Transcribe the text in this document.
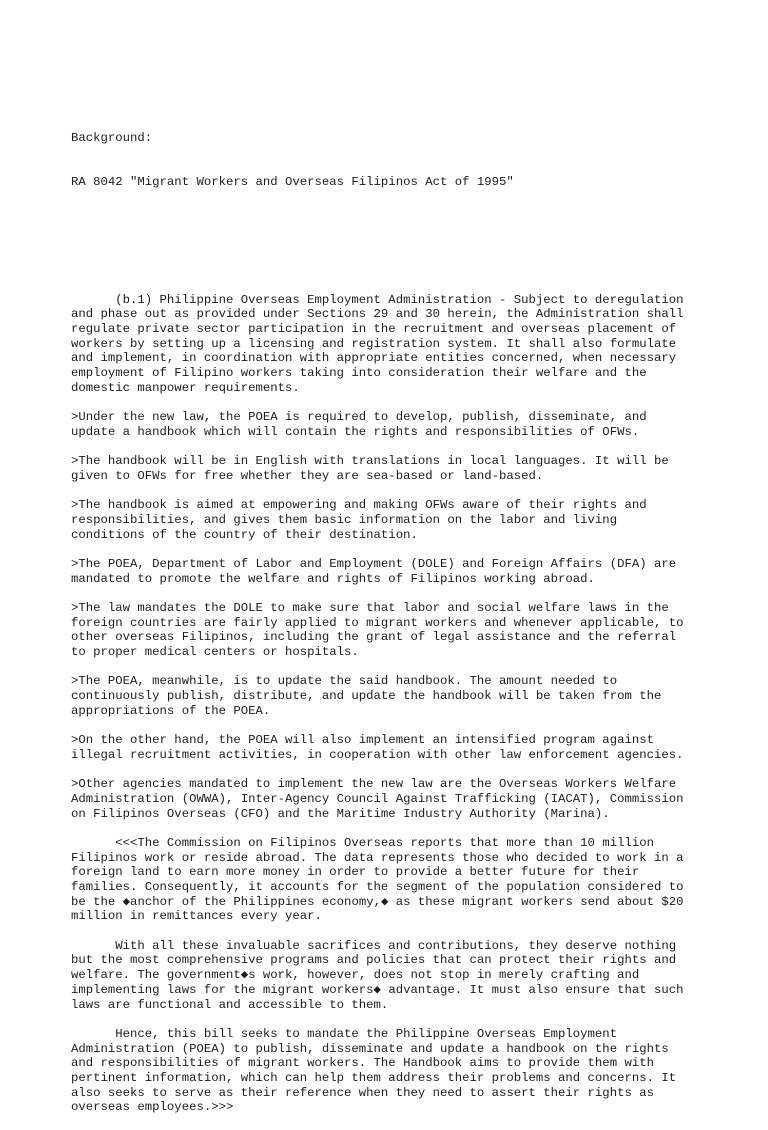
Background:

RA 8042 "Migrant Workers and Overseas Filipinos Act of 1995"

(b.1) Philippine Overseas Employment Administration - Subject to deregulation
and phase out as provided under Sections 29 and 30 herein, the Administration shall
regulate private sector participation in the recruitment and overseas placement of
workers by setting up a licensing and registration system. It shall also formulate
and implement, in coordination with appropriate entities concerned, when necessary
employment of Filipino workers taking into consideration their welfare and the
domestic manpower requirements.
>Under the new law, the POEA is required to develop, publish, disseminate, and
update a handbook which will contain the rights and responsibilities of OFWs.
>The handbook will be in English with translations in local languages. It will be
given to OFWs for free whether they are sea-based or land-based.
>The handbook is aimed at empowering and making OFWs aware of their rights and
responsibilities, and gives them basic information on the labor and living
conditions of the country of their destination.
>The POEA, Department of Labor and Employment (DOLE) and Foreign Affairs (DFA) are
mandated to promote the welfare and rights of Filipinos working abroad.
>The law mandates the DOLE to make sure that labor and social welfare laws in the
foreign countries are fairly applied to migrant workers and whenever applicable, to
other overseas Filipinos, including the grant of legal assistance and the referral
to proper medical centers or hospitals.
>The POEA, meanwhile, is to update the said handbook. The amount needed to
continuously publish, distribute, and update the handbook will be taken from the
appropriations of the POEA.
>On the other hand, the POEA will also implement an intensified program against
illegal recruitment activities, in cooperation with other law enforcement agencies.
>Other agencies mandated to implement the new law are the Overseas Workers Welfare
Administration (OWWA), Inter-Agency Council Against Trafficking (IACAT), Commission
on Filipinos Overseas (CFO) and the Maritime Industry Authority (Marina).
<<<The Commission on Filipinos Overseas reports that more than 10 million
Filipinos work or reside abroad. The data represents those who decided to work in a
foreign land to earn more money in order to provide a better future for their
families. Consequently, it accounts for the segment of the population considered to
be the ◆anchor of the Philippines economy,◆ as these migrant workers send about $20
million in remittances every year.
With all these invaluable sacrifices and contributions, they deserve nothing
but the most comprehensive programs and policies that can protect their rights and
welfare. The government◆s work, however, does not stop in merely crafting and
implementing laws for the migrant workers◆ advantage. It must also ensure that such
laws are functional and accessible to them.
Hence, this bill seeks to mandate the Philippine Overseas Employment
Administration (POEA) to publish, disseminate and update a handbook on the rights
and responsibilities of migrant workers. The Handbook aims to provide them with
pertinent information, which can help them address their problems and concerns. It
also seeks to serve as their reference when they need to assert their rights as
overseas employees.>>>
